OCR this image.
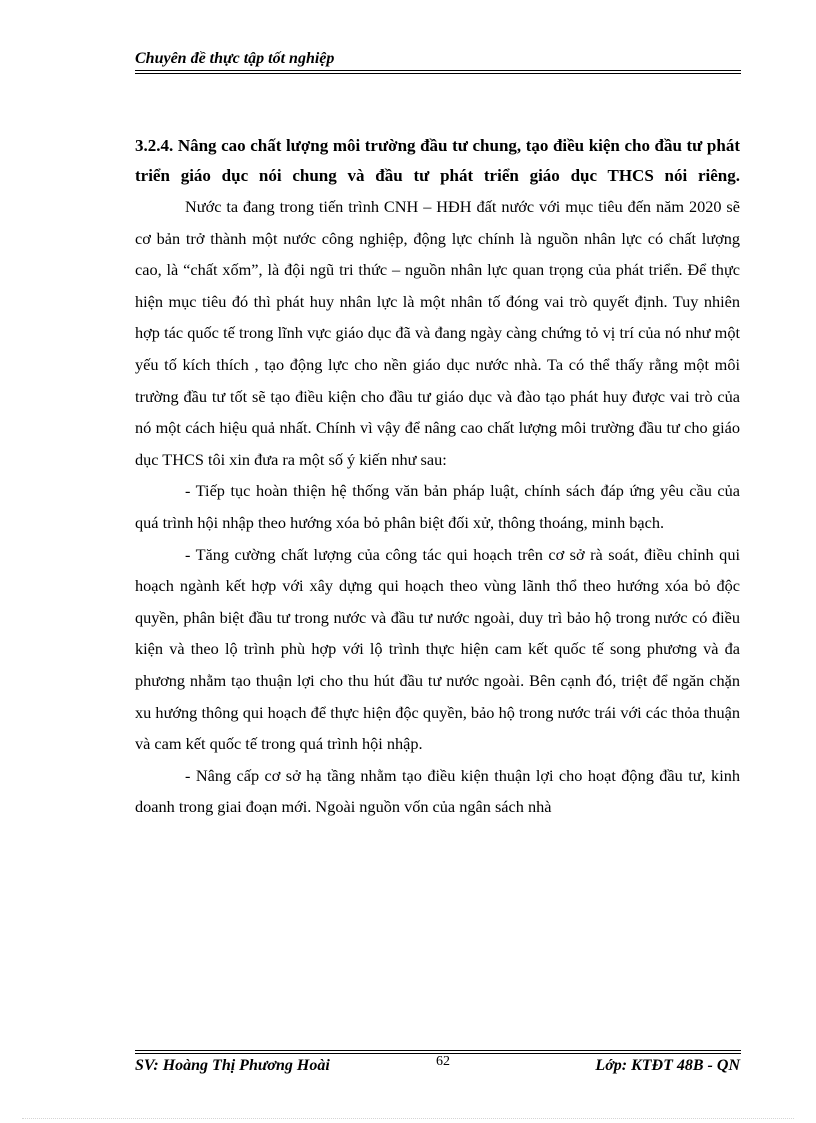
Chuyên đề thực tập tốt nghiệp

3.2.4. Nâng cao chất lượng môi trường đầu tư chung, tạo điều kiện cho đầu tư phát triển giáo dục nói chung và đầu tư phát triển giáo dục THCS nói riêng.

Nước ta đang trong tiến trình CNH – HĐH đất nước với mục tiêu đến năm 2020 sẽ cơ bản trở thành một nước công nghiệp, động lực chính là nguồn nhân lực có chất lượng cao, là “chất xốm”, là đội ngũ tri thức – nguồn nhân lực quan trọng của phát triển. Để thực hiện mục tiêu đó thì phát huy nhân lực là một nhân tố đóng vai trò quyết định. Tuy nhiên hợp tác quốc tế trong lĩnh vực giáo dục đã và đang ngày càng chứng tỏ vị trí của nó như một yếu tố kích thích , tạo động lực cho nền giáo dục nước nhà. Ta có thể thấy rằng một môi trường đầu tư tốt sẽ tạo điều kiện cho đầu tư giáo dục và đào tạo phát huy được vai trò của nó một cách hiệu quả nhất. Chính vì vậy để nâng cao chất lượng môi trường đầu tư cho giáo dục THCS tôi xin đưa ra một số ý kiến như sau:

- Tiếp tục hoàn thiện hệ thống văn bản pháp luật, chính sách đáp ứng yêu cầu của quá trình hội nhập theo hướng xóa bỏ phân biệt đối xử, thông thoáng, minh bạch.

- Tăng cường chất lượng của công tác qui hoạch trên cơ sở rà soát, điều chỉnh qui hoạch ngành kết hợp với xây dựng qui hoạch theo vùng lãnh thổ theo hướng xóa bỏ độc quyền, phân biệt đầu tư trong nước và đầu tư nước ngoài, duy trì bảo hộ trong nước có điều kiện và theo lộ trình phù hợp với lộ trình thực hiện cam kết quốc tế song phương và đa phương nhằm tạo thuận lợi cho thu hút đầu tư nước ngoài. Bên cạnh đó, triệt để ngăn chặn xu hướng thông qui hoạch để thực hiện độc quyền, bảo hộ trong nước trái với các thỏa thuận và cam kết quốc tế trong quá trình hội nhập.

- Nâng cấp cơ sở hạ tầng nhằm tạo điều kiện thuận lợi cho hoạt động đầu tư, kinh doanh trong giai đoạn mới. Ngoài nguồn vốn của ngân sách nhà

SV: Hoàng Thị Phương Hoài	62	Lớp: KTĐT 48B - QN
